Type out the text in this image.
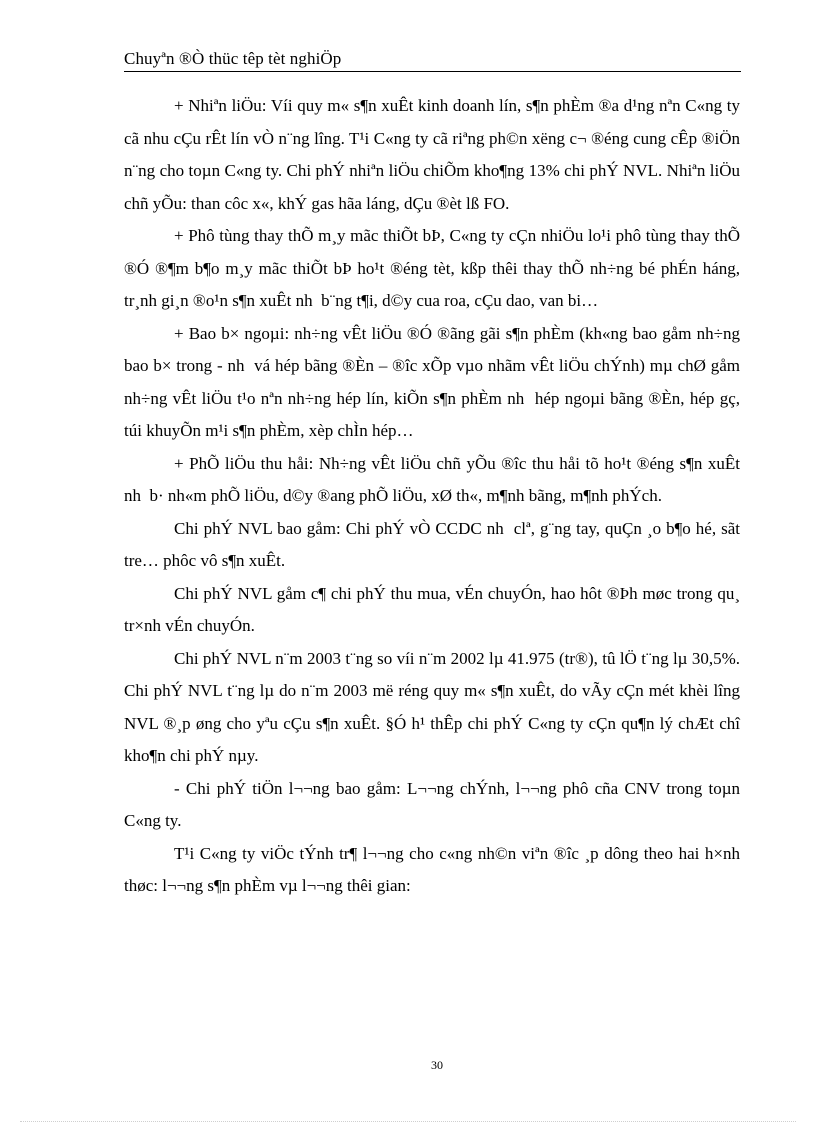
Chuyªn ®Ò thüc têp tèt nghiÖp

+ Nhiªn liÖu: Víi quy m« s¶n xuÊt kinh doanh lín, s¶n phÈm ®a d¹ng nªn C«ng ty cã nhu cÇu rÊt lín vÒ n¨ng lîng. T¹i C«ng ty cã riªng ph©n xëng c¬ ®éng cung cÊp ®iÖn n¨ng cho toµn C«ng ty. Chi phÝ nhiªn liÖu chiÕm kho¶ng 13% chi phÝ NVL. Nhiªn liÖu chñ yÕu: than côc x«, khÝ gas hãa láng, dÇu ®èt lß FO.

+ Phô tùng thay thÕ m¸y mãc thiÕt bÞ, C«ng ty cÇn nhiÖu lo¹i phô tùng thay thÕ ®Ó ®¶m b¶o m¸y mãc thiÕt bÞ ho¹t ®éng tèt, kßp thêi thay thÕ nh÷ng bé phÉn háng, tr¸nh gi¸n ®o¹n s¶n xuÊt nh  b¨ng t¶i, d©y cua roa, cÇu dao, van bi…

+ Bao b× ngoµi: nh÷ng vÊt liÖu ®Ó ®ãng gãi s¶n phÈm (kh«ng bao gåm nh÷ng bao b× trong - nh  vá hép bãng ®Èn – ®îc xÕp vµo nhãm vÊt liÖu chÝnh) mµ chØ gåm nh÷ng vÊt liÖu t¹o nªn nh÷ng hép lín, kiÕn s¶n phÈm nh  hép ngoµi bãng ®Èn, hép gç, túi khuyÕn m¹i s¶n phÈm, xèp chÌn hép…

+ PhÕ liÖu thu håi: Nh÷ng vÊt liÖu chñ yÕu ®îc thu håi tõ ho¹t ®éng s¶n xuÊt nh  b· nh«m phÕ liÖu, d©y ®ang phÕ liÖu, xØ th«, m¶nh bãng, m¶nh phÝch.

Chi phÝ NVL bao gåm: Chi phÝ vÒ CCDC nh  clª, g¨ng tay, quÇn ¸o b¶o hé, sãt tre… phôc vô s¶n xuÊt.

Chi phÝ NVL gåm c¶ chi phÝ thu mua, vÉn chuyÓn, hao hôt ®Þh møc trong qu¸ tr×nh vÉn chuyÓn.

Chi phÝ NVL n¨m 2003 t¨ng so víi n¨m 2002 lµ 41.975 (tr®), tû lÖ t¨ng lµ 30,5%. Chi phÝ NVL t¨ng lµ do n¨m 2003 më réng quy m« s¶n xuÊt, do vÃy cÇn mét khèi lîng NVL ®¸p øng cho yªu cÇu s¶n xuÊt. §Ó h¹ thÊp chi phÝ C«ng ty cÇn qu¶n lý chÆt chî kho¶n chi phÝ nµy.

- Chi phÝ tiÖn l¬¬ng bao gåm: L¬¬ng chÝnh, l¬¬ng phô cña CNV trong toµn C«ng ty.

T¹i C«ng ty viÖc tÝnh tr¶ l¬¬ng cho c«ng nh©n viªn ®îc ¸p dông theo hai h×nh thøc: l¬¬ng s¶n phÈm vµ l¬¬ng thêi gian:

30
